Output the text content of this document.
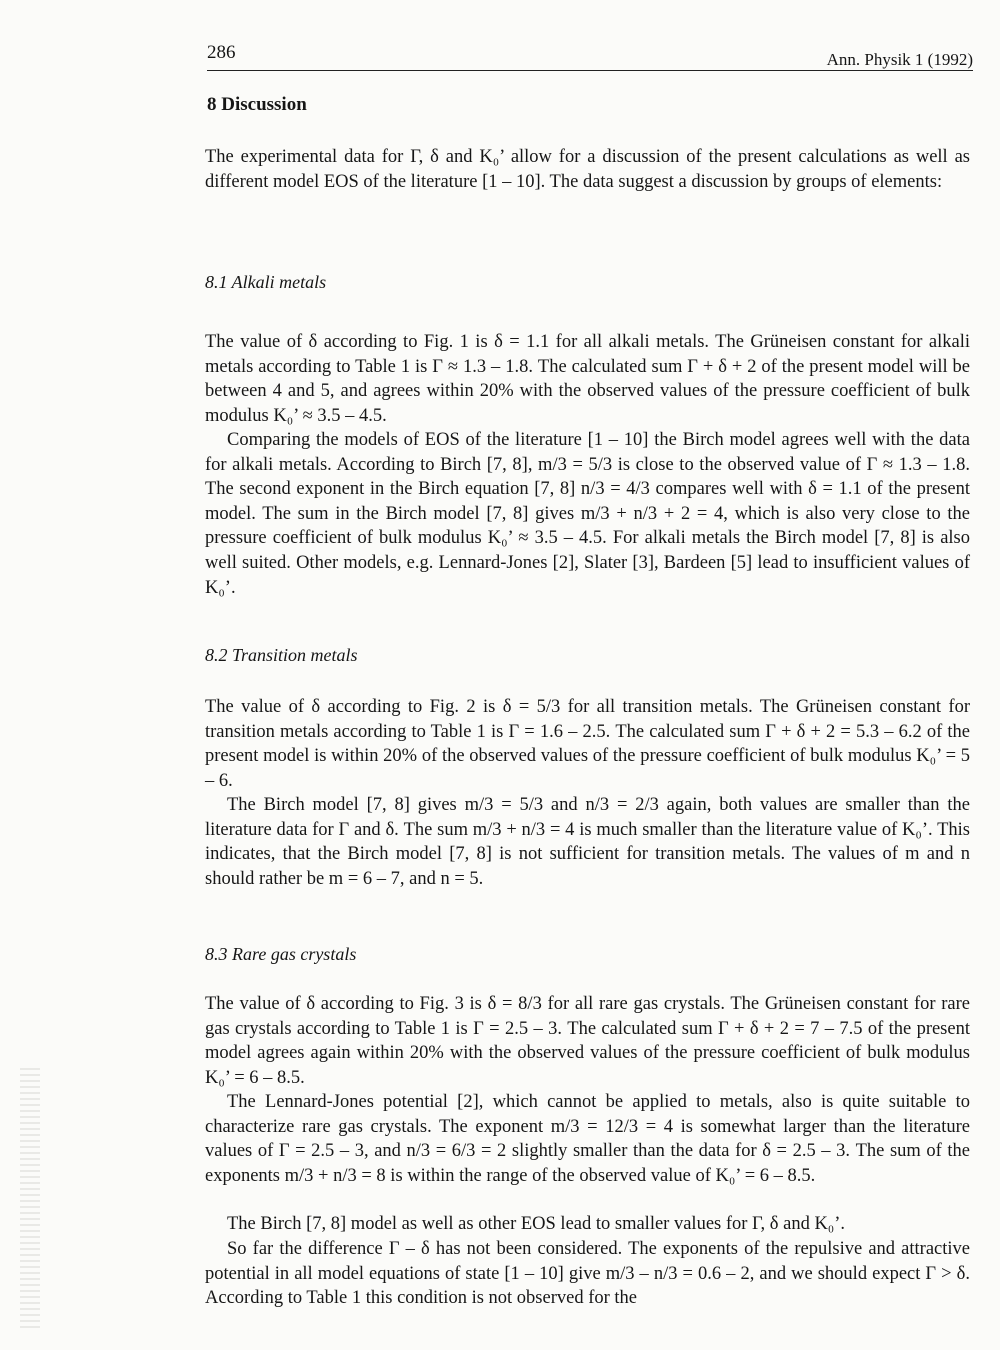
286	Ann. Physik 1 (1992)
8 Discussion

The experimental data for Γ, δ and K₀’ allow for a discussion of the present calculations as well as different model EOS of the literature [1 – 10]. The data suggest a discussion by groups of elements:

8.1 Alkali metals

The value of δ according to Fig. 1 is δ = 1.1 for all alkali metals. The Grüneisen constant for alkali metals according to Table 1 is Γ ≈ 1.3 – 1.8. The calculated sum Γ + δ + 2 of the present model will be between 4 and 5, and agrees within 20% with the observed values of the pressure coefficient of bulk modulus K₀’ ≈ 3.5 – 4.5.

Comparing the models of EOS of the literature [1 – 10] the Birch model agrees well with the data for alkali metals. According to Birch [7, 8], m/3 = 5/3 is close to the observed value of Γ ≈ 1.3 – 1.8. The second exponent in the Birch equation [7, 8] n/3 = 4/3 compares well with δ = 1.1 of the present model. The sum in the Birch model [7, 8] gives m/3 + n/3 + 2 = 4, which is also very close to the pressure coefficient of bulk modulus K₀’ ≈ 3.5 – 4.5. For alkali metals the Birch model [7, 8] is also well suited. Other models, e.g. Lennard-Jones [2], Slater [3], Bardeen [5] lead to insufficient values of K₀’.

8.2 Transition metals

The value of δ according to Fig. 2 is δ = 5/3 for all transition metals. The Grüneisen constant for transition metals according to Table 1 is Γ = 1.6 – 2.5. The calculated sum Γ + δ + 2 = 5.3 – 6.2 of the present model is within 20% of the observed values of the pressure coefficient of bulk modulus K₀’ = 5 – 6.

The Birch model [7, 8] gives m/3 = 5/3 and n/3 = 2/3 again, both values are smaller than the literature data for Γ and δ. The sum m/3 + n/3 = 4 is much smaller than the literature value of K₀’. This indicates, that the Birch model [7, 8] is not sufficient for transition metals. The values of m and n should rather be m = 6 – 7, and n = 5.

8.3 Rare gas crystals

The value of δ according to Fig. 3 is δ = 8/3 for all rare gas crystals. The Grüneisen constant for rare gas crystals according to Table 1 is Γ = 2.5 – 3. The calculated sum Γ + δ + 2 = 7 – 7.5 of the present model agrees again within 20% with the observed values of the pressure coefficient of bulk modulus K₀’ = 6 – 8.5.

The Lennard-Jones potential [2], which cannot be applied to metals, also is quite suitable to characterize rare gas crystals. The exponent m/3 = 12/3 = 4 is somewhat larger than the literature values of Γ = 2.5 – 3, and n/3 = 6/3 = 2 slightly smaller than the data for δ = 2.5 – 3. The sum of the exponents m/3 + n/3 = 8 is within the range of the observed value of K₀’ = 6 – 8.5.

The Birch [7, 8] model as well as other EOS lead to smaller values for Γ, δ and K₀’.

So far the difference Γ – δ has not been considered. The exponents of the repulsive and attractive potential in all model equations of state [1 – 10] give m/3 – n/3 = 0.6 – 2, and we should expect Γ > δ. According to Table 1 this condition is not observed for the
